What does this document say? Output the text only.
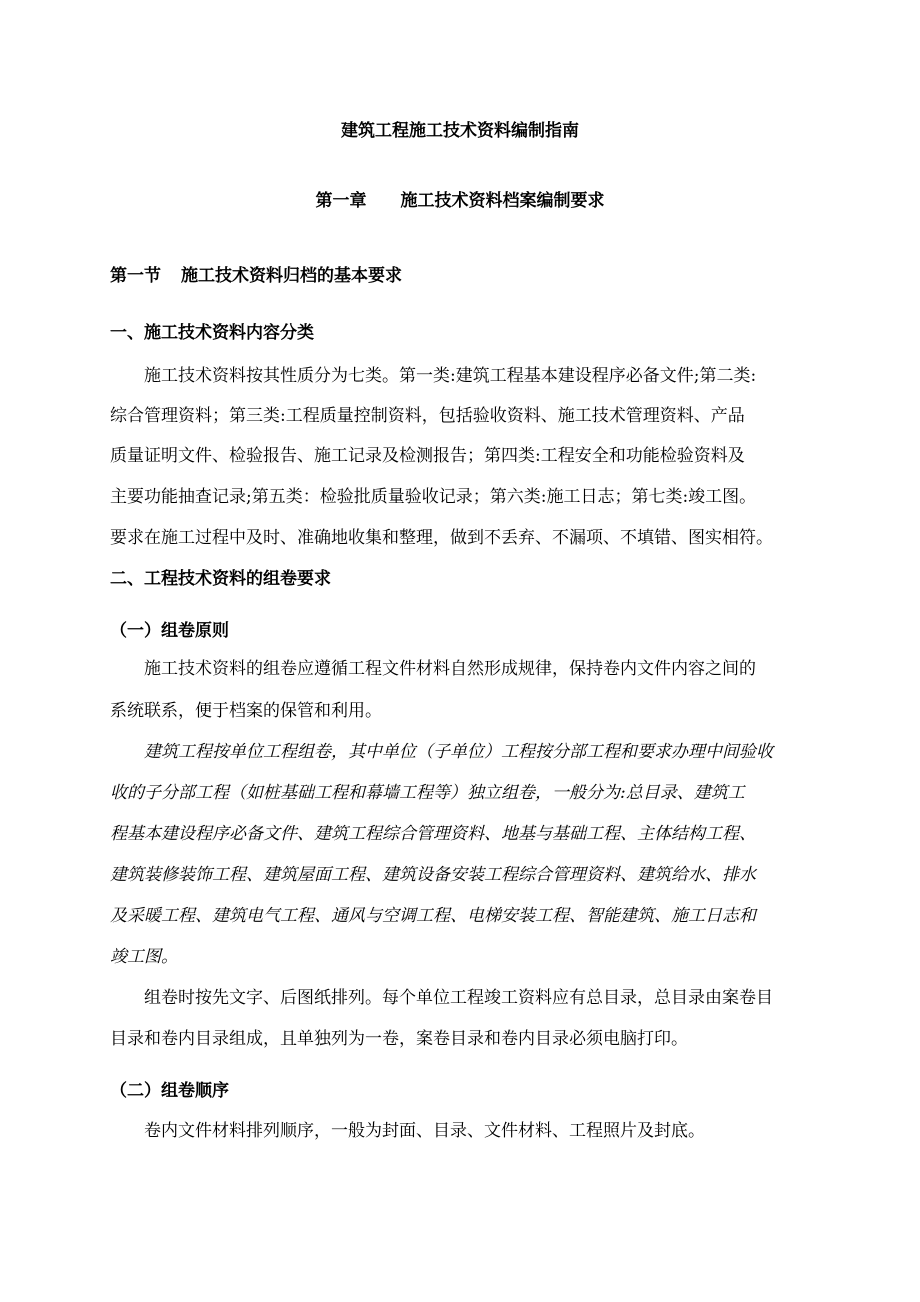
建筑工程施工技术资料编制指南
第一章 施工技术资料档案编制要求
第一节 施工技术资料归档的基本要求
一、施工技术资料内容分类
施工技术资料按其性质分为七类。第一类:建筑工程基本建设程序必备文件;第二类:
综合管理资料；第三类:工程质量控制资料，包括验收资料、施工技术管理资料、产品
质量证明文件、检验报告、施工记录及检测报告；第四类:工程安全和功能检验资料及
主要功能抽查记录;第五类：检验批质量验收记录；第六类:施工日志；第七类:竣工图。
要求在施工过程中及时、准确地收集和整理，做到不丢弃、不漏项、不填错、图实相符。
二、工程技术资料的组卷要求
（一）组卷原则
施工技术资料的组卷应遵循工程文件材料自然形成规律，保持卷内文件内容之间的
系统联系，便于档案的保管和利用。
建筑工程按单位工程组卷，其中单位（子单位）工程按分部工程和要求办理中间验收
收的子分部工程（如桩基础工程和幕墙工程等）独立组卷，一般分为:总目录、建筑工
程基本建设程序必备文件、建筑工程综合管理资料、地基与基础工程、主体结构工程、
建筑装修装饰工程、建筑屋面工程、建筑设备安装工程综合管理资料、建筑给水、排水
及采暖工程、建筑电气工程、通风与空调工程、电梯安装工程、智能建筑、施工日志和
竣工图。
组卷时按先文字、后图纸排列。每个单位工程竣工资料应有总目录，总目录由案卷目
目录和卷内目录组成，且单独列为一卷，案卷目录和卷内目录必须电脑打印。
（二）组卷顺序
卷内文件材料排列顺序，一般为封面、目录、文件材料、工程照片及封底。
